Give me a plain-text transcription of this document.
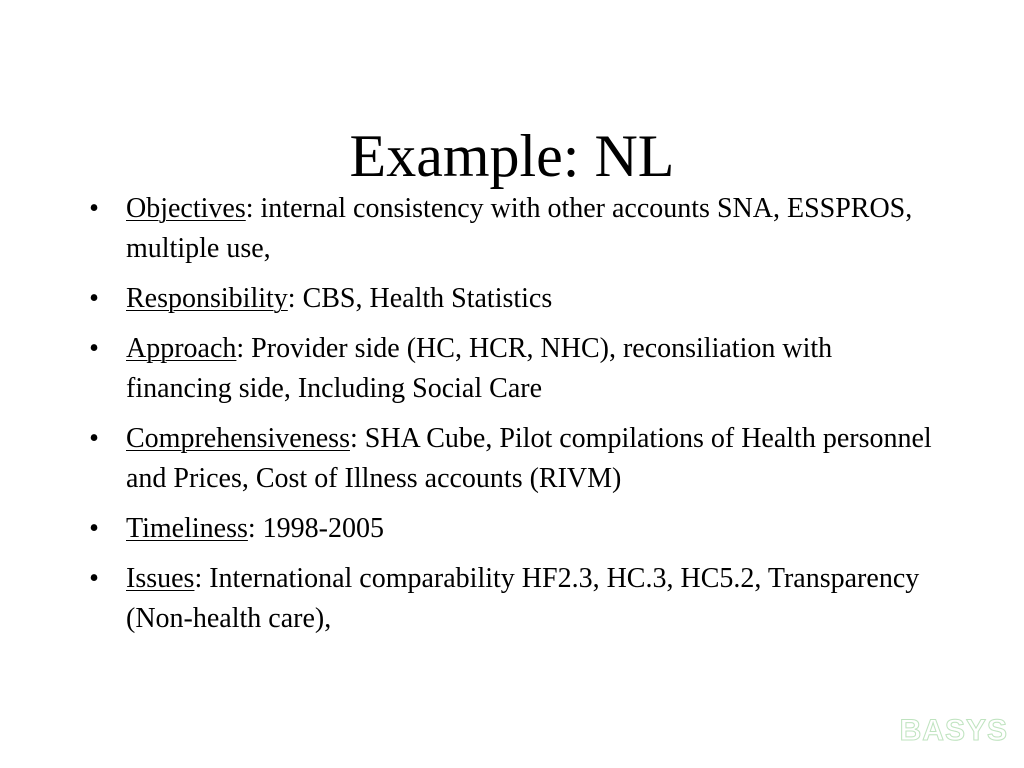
Example: NL
• Objectives: internal consistency with other accounts SNA, ESSPROS, multiple use,
• Responsibility: CBS, Health Statistics
• Approach: Provider side (HC, HCR, NHC), reconsiliation with financing side, Including Social Care
• Comprehensiveness: SHA Cube, Pilot compilations of Health personnel and Prices, Cost of Illness accounts (RIVM)
• Timeliness: 1998-2005
• Issues: International comparability HF2.3, HC.3, HC5.2, Transparency (Non-health care),
BASYS
